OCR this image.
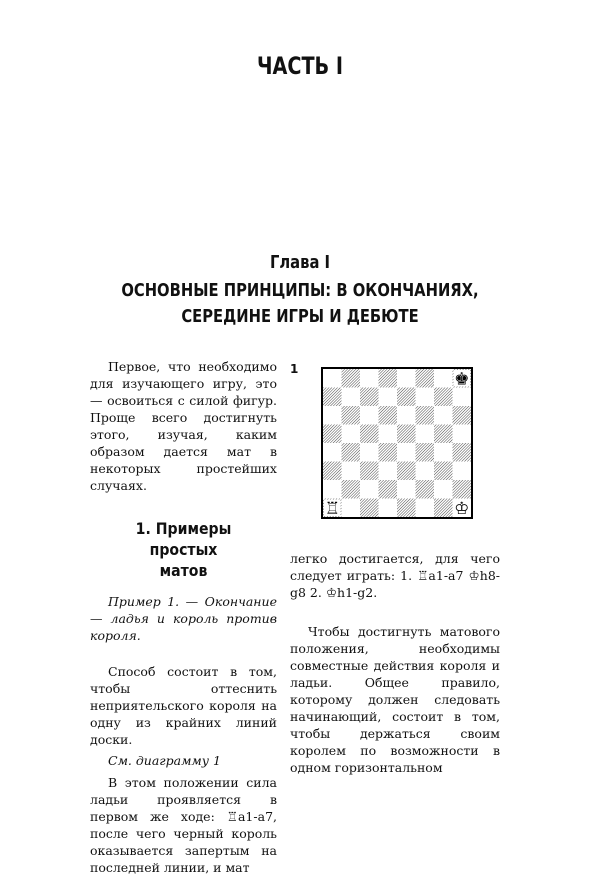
ЧАСТЬ I
Глава I
ОСНОВНЫЕ ПРИНЦИПЫ: В ОКОНЧАНИЯХ,
СЕРЕДИНЕ ИГРЫ И ДЕБЮТЕ

Первое, что необходимо для изучающего игру, это — освоиться с силой фигур. Проще всего достигнуть этого, изучая, каким образом дается мат в некоторых простейших случаях.

1. Примеры простых
матов

Пример 1. — Окончание — ладья и король против короля.

Способ состоит в том, чтобы оттеснить неприятельского короля на одну из крайних линий доски.

См. диаграмму 1

В этом положении сила ладьи проявляется в первом же ходе: ♖a1-a7, после чего черный король оказывается запертым на последней линии, и мат

1
♚
♖	♔

легко достигается, для чего следует играть: 1. ♖a1-a7 ♔h8-g8 2. ♔h1-g2.

Чтобы достигнуть матового положения, необходимы совместные действия короля и ладьи. Общее правило, которому должен следовать начинающий, состоит в том, чтобы держаться своим королем по возможности в одном горизонтальном
